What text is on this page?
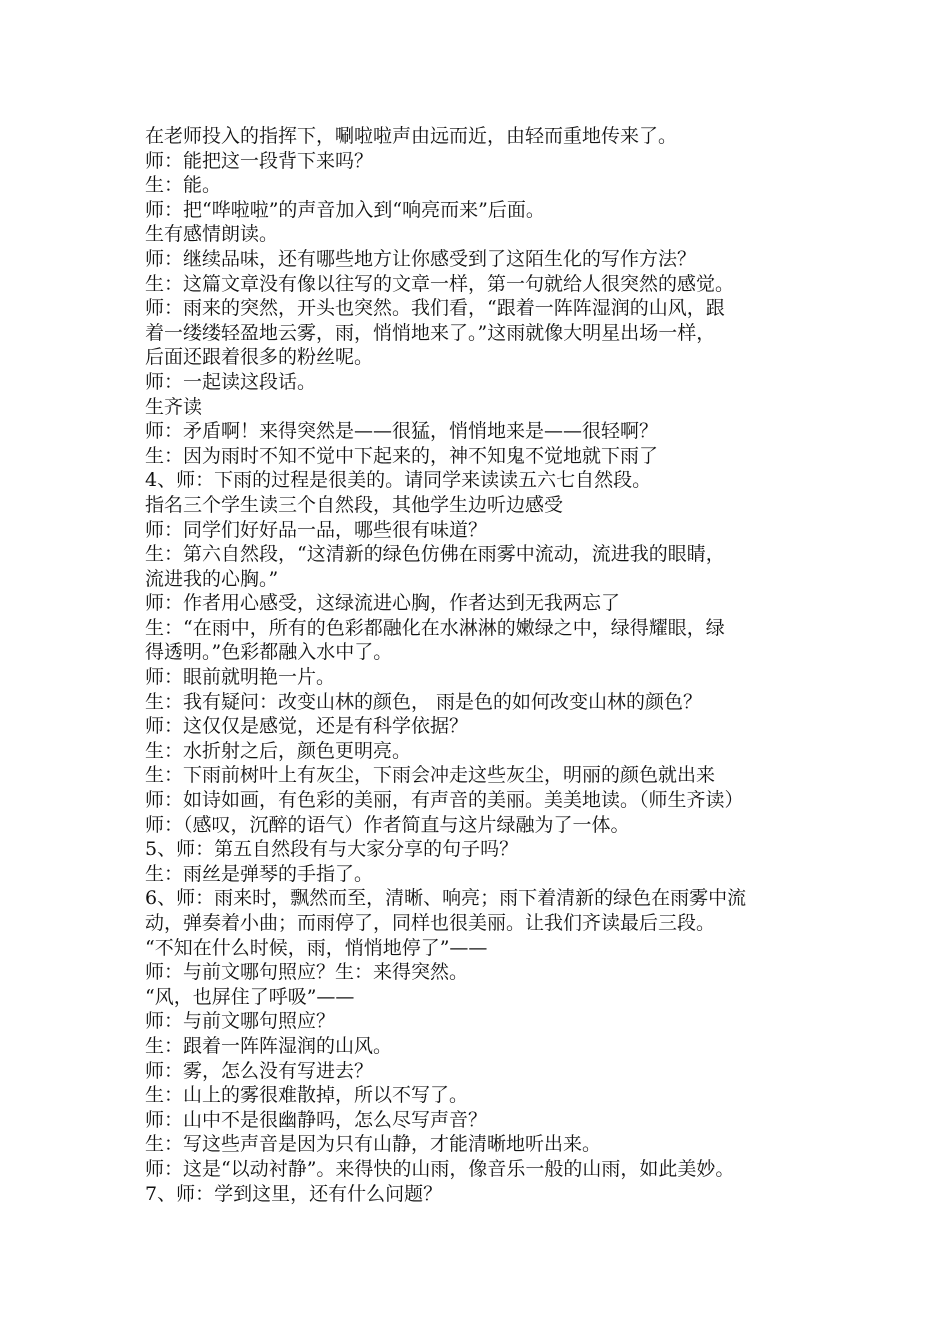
在老师投入的指挥下，唰啦啦声由远而近，由轻而重地传来了。
师：能把这一段背下来吗？
生：能。
师：把“哗啦啦”的声音加入到“响亮而来”后面。
生有感情朗读。
师：继续品味，还有哪些地方让你感受到了这陌生化的写作方法？
生：这篇文章没有像以往写的文章一样，第一句就给人很突然的感觉。
师：雨来的突然，开头也突然。我们看，“跟着一阵阵湿润的山风，跟
着一缕缕轻盈地云雾，雨，悄悄地来了。”这雨就像大明星出场一样，
后面还跟着很多的粉丝呢。
师：一起读这段话。
生齐读
师：矛盾啊！来得突然是——很猛，悄悄地来是——很轻啊？
生：因为雨时不知不觉中下起来的，神不知鬼不觉地就下雨了
4、师：下雨的过程是很美的。请同学来读读五六七自然段。
指名三个学生读三个自然段，其他学生边听边感受
师：同学们好好品一品，哪些很有味道？
生：第六自然段，“这清新的绿色仿佛在雨雾中流动，流进我的眼睛，
流进我的心胸。”
师：作者用心感受，这绿流进心胸，作者达到无我两忘了
生：“在雨中，所有的色彩都融化在水淋淋的嫩绿之中，绿得耀眼，绿
得透明。”色彩都融入水中了。
师：眼前就明艳一片。
生：我有疑问：改变山林的颜色， 雨是色的如何改变山林的颜色？
师：这仅仅是感觉，还是有科学依据？
生：水折射之后，颜色更明亮。
生：下雨前树叶上有灰尘，下雨会冲走这些灰尘，明丽的颜色就出来
师：如诗如画，有色彩的美丽，有声音的美丽。美美地读。（师生齐读）
师：（感叹，沉醉的语气）作者简直与这片绿融为了一体。
5、师：第五自然段有与大家分享的句子吗？
生：雨丝是弹琴的手指了。
6、师：雨来时，飘然而至，清晰、响亮；雨下着清新的绿色在雨雾中流
动，弹奏着小曲；而雨停了，同样也很美丽。让我们齐读最后三段。
“不知在什么时候，雨，悄悄地停了”——
师：与前文哪句照应？生：来得突然。
“风，也屏住了呼吸”——
师：与前文哪句照应？
生：跟着一阵阵湿润的山风。
师：雾，怎么没有写进去？
生：山上的雾很难散掉，所以不写了。
师：山中不是很幽静吗，怎么尽写声音？
生：写这些声音是因为只有山静，才能清晰地听出来。
师：这是“以动衬静”。来得快的山雨，像音乐一般的山雨，如此美妙。
7、师：学到这里，还有什么问题？
